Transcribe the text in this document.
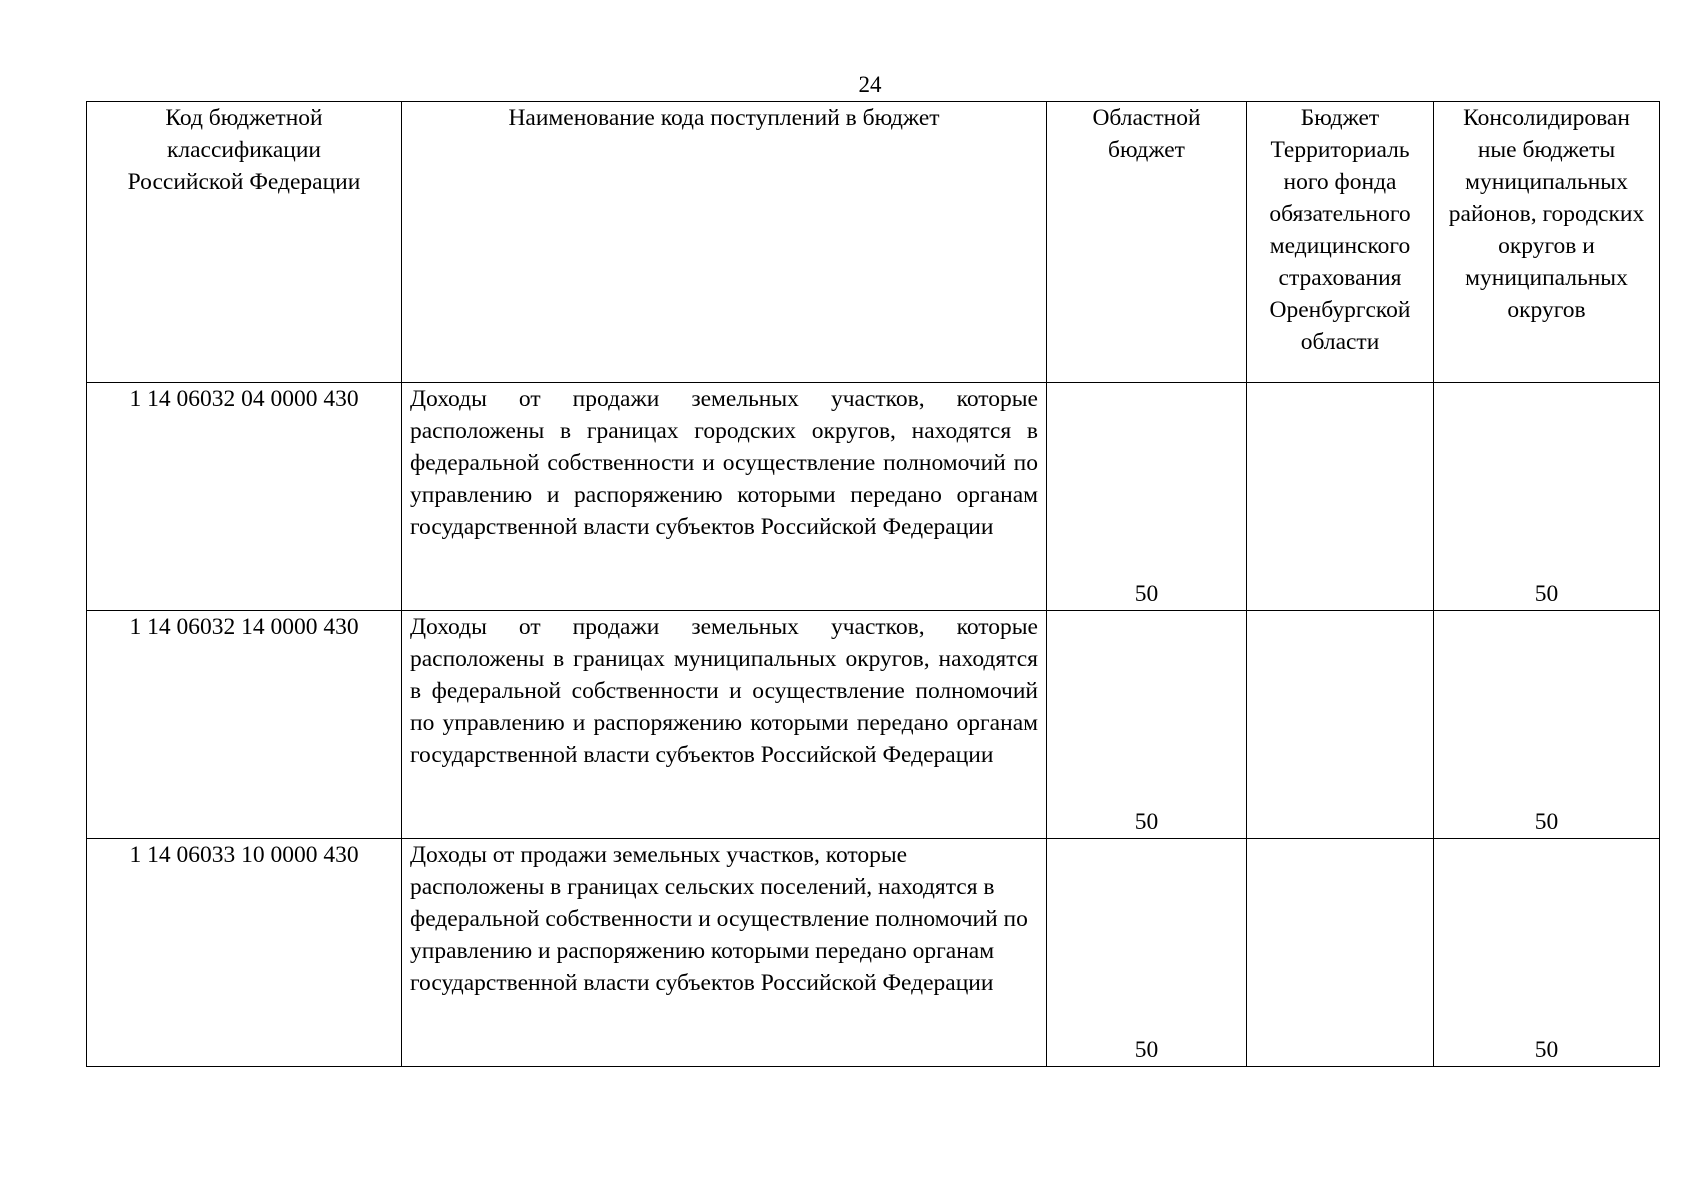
24
Код бюджетной классификации Российской Федерации	Наименование кода поступлений в бюджет	Областной бюджет	Бюджет Территориаль ного фонда обязательного медицинского страхования Оренбургской области	Консолидирован ные бюджеты муниципальных районов, городских округов и муниципальных округов
1 14 06032 04 0000 430	Доходы от продажи земельных участков, которые расположены в границах городских округов, находятся в федеральной собственности и осуществление полномочий по управлению и распоряжению которыми передано органам государственной власти субъектов Российской Федерации	50		50
1 14 06032 14 0000 430	Доходы от продажи земельных участков, которые расположены в границах муниципальных округов, находятся в федеральной собственности и осуществление полномочий по управлению и распоряжению которыми передано органам государственной власти субъектов Российской Федерации	50		50
1 14 06033 10 0000 430	Доходы от продажи земельных участков, которые расположены в границах сельских поселений, находятся в федеральной собственности и осуществление полномочий по управлению и распоряжению которыми передано органам государственной власти субъектов Российской Федерации	50		50
